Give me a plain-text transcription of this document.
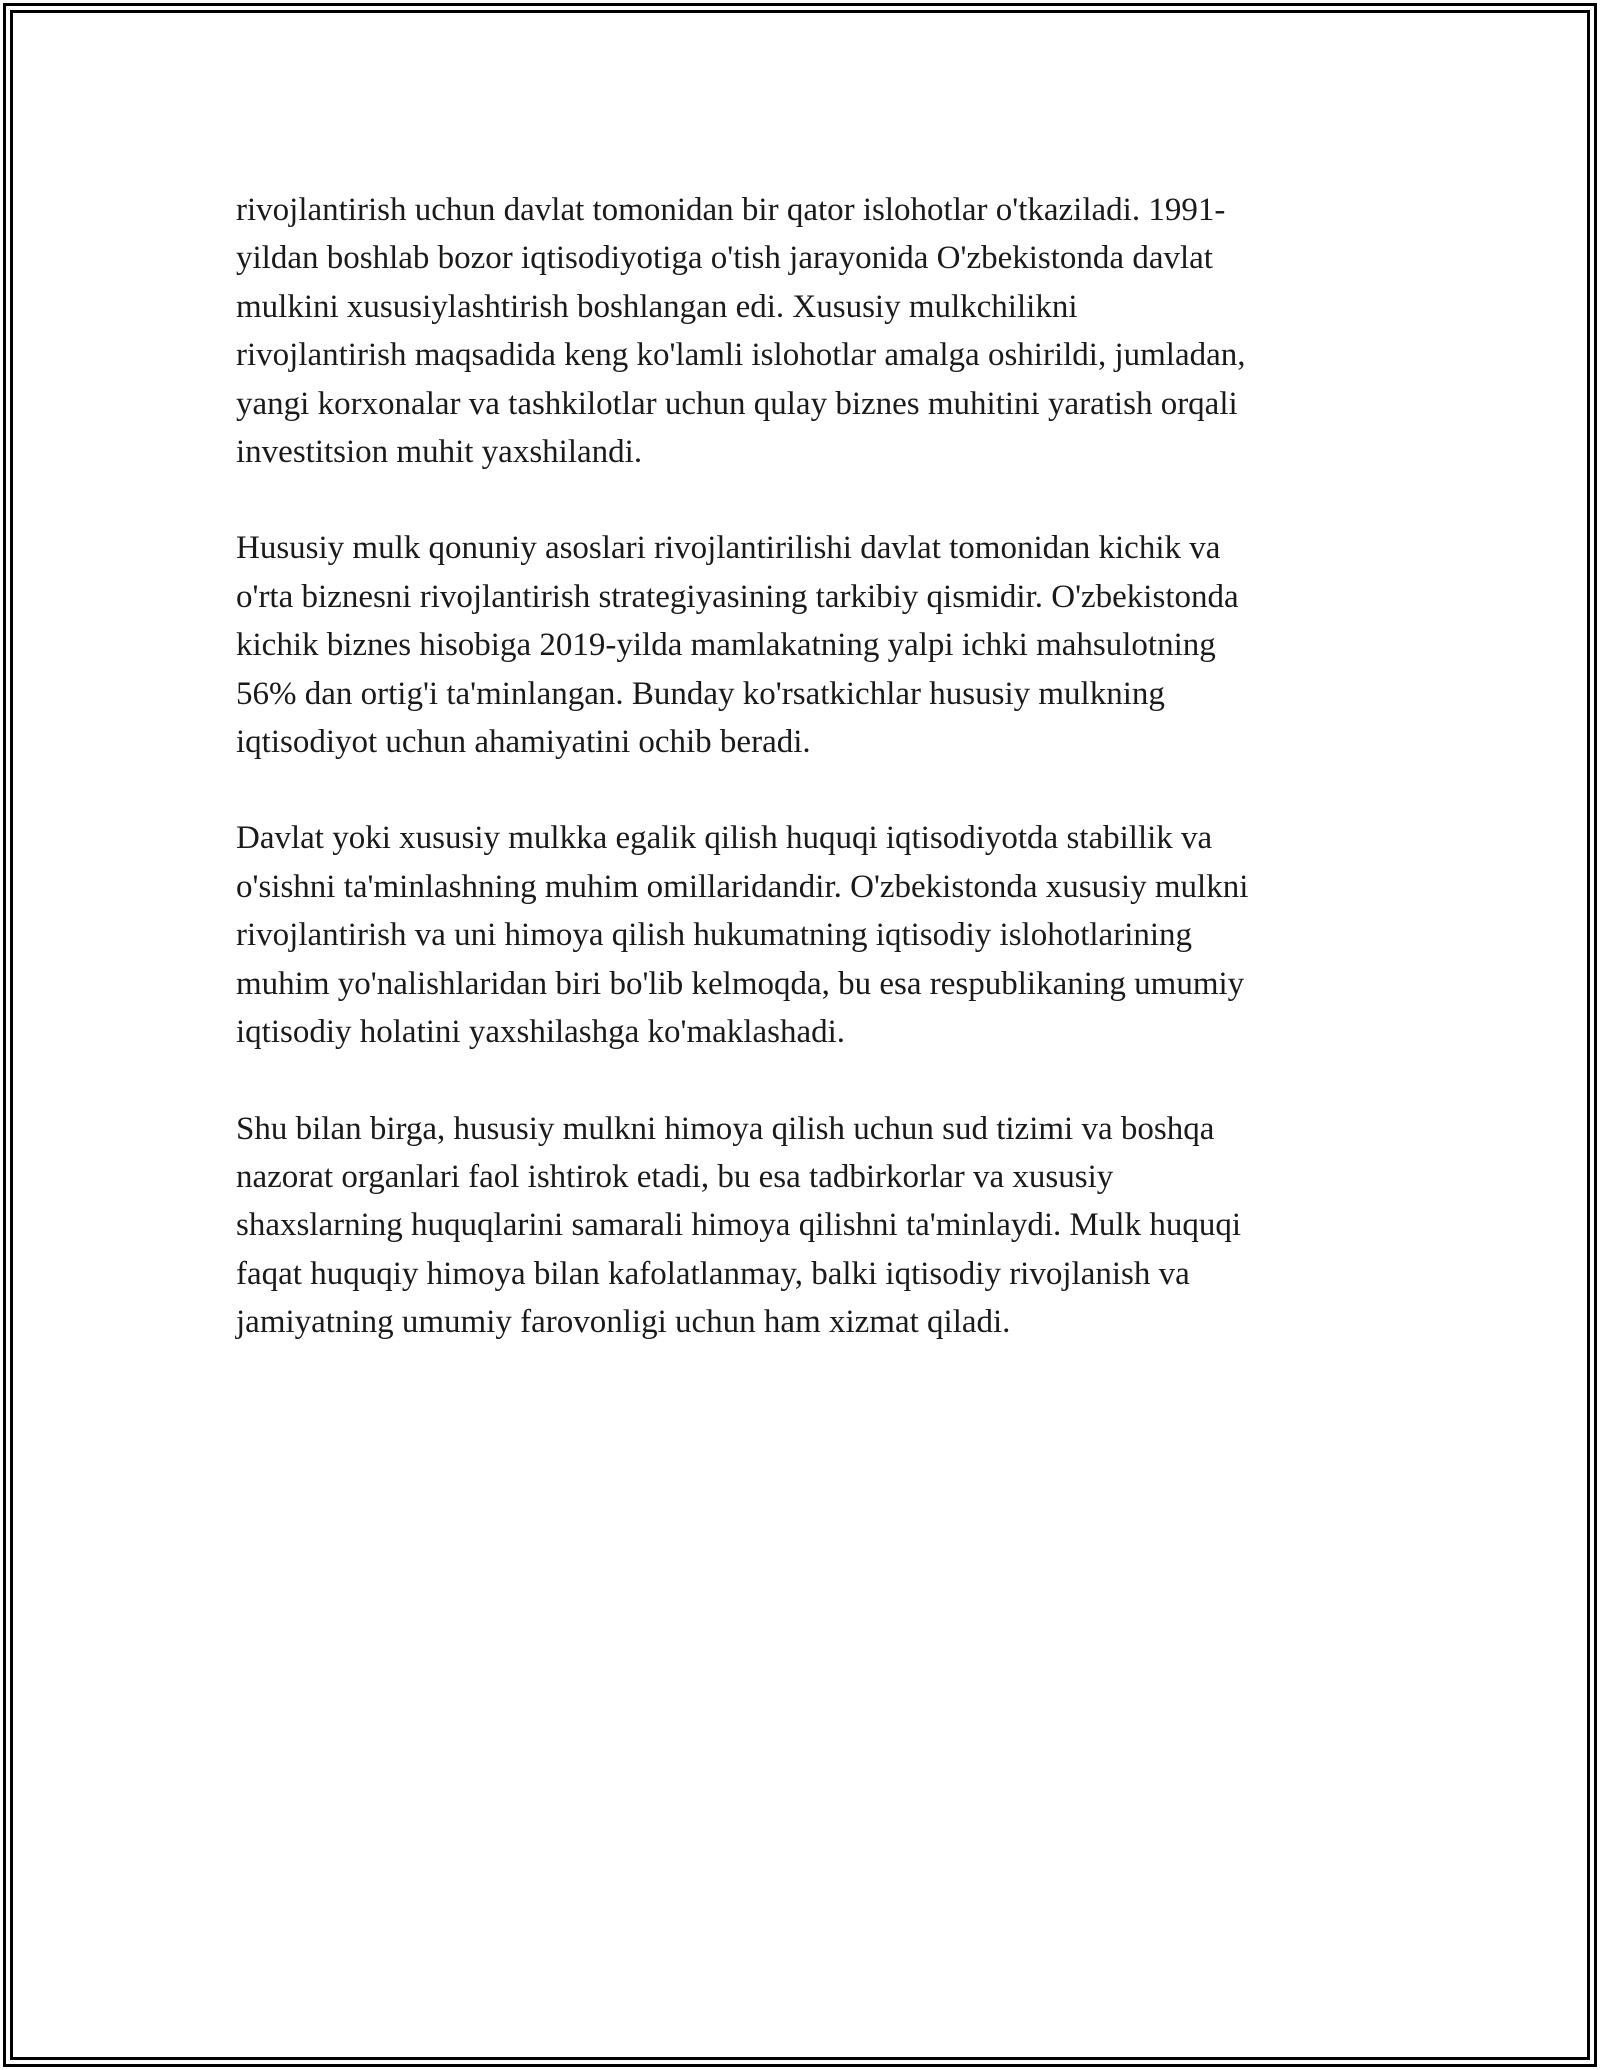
rivojlantirish uchun davlat tomonidan bir qator islohotlar o'tkaziladi. 1991-
yildan boshlab bozor iqtisodiyotiga o'tish jarayonida O'zbekistonda davlat
mulkini xususiylashtirish boshlangan edi. Xususiy mulkchilikni
rivojlantirish maqsadida keng ko'lamli islohotlar amalga oshirildi, jumladan,
yangi korxonalar va tashkilotlar uchun qulay biznes muhitini yaratish orqali
investitsion muhit yaxshilandi.

Hususiy mulk qonuniy asoslari rivojlantirilishi davlat tomonidan kichik va
o'rta biznesni rivojlantirish strategiyasining tarkibiy qismidir. O'zbekistonda
kichik biznes hisobiga 2019-yilda mamlakatning yalpi ichki mahsulotning
56% dan ortig'i ta'minlangan. Bunday ko'rsatkichlar hususiy mulkning
iqtisodiyot uchun ahamiyatini ochib beradi.

Davlat yoki xususiy mulkka egalik qilish huquqi iqtisodiyotda stabillik va
o'sishni ta'minlashning muhim omillaridandir. O'zbekistonda xususiy mulkni
rivojlantirish va uni himoya qilish hukumatning iqtisodiy islohotlarining
muhim yo'nalishlaridan biri bo'lib kelmoqda, bu esa respublikaning umumiy
iqtisodiy holatini yaxshilashga ko'maklashadi.

Shu bilan birga, hususiy mulkni himoya qilish uchun sud tizimi va boshqa
nazorat organlari faol ishtirok etadi, bu esa tadbirkorlar va xususiy
shaxslarning huquqlarini samarali himoya qilishni ta'minlaydi. Mulk huquqi
faqat huquqiy himoya bilan kafolatlanmay, balki iqtisodiy rivojlanish va
jamiyatning umumiy farovonligi uchun ham xizmat qiladi.
